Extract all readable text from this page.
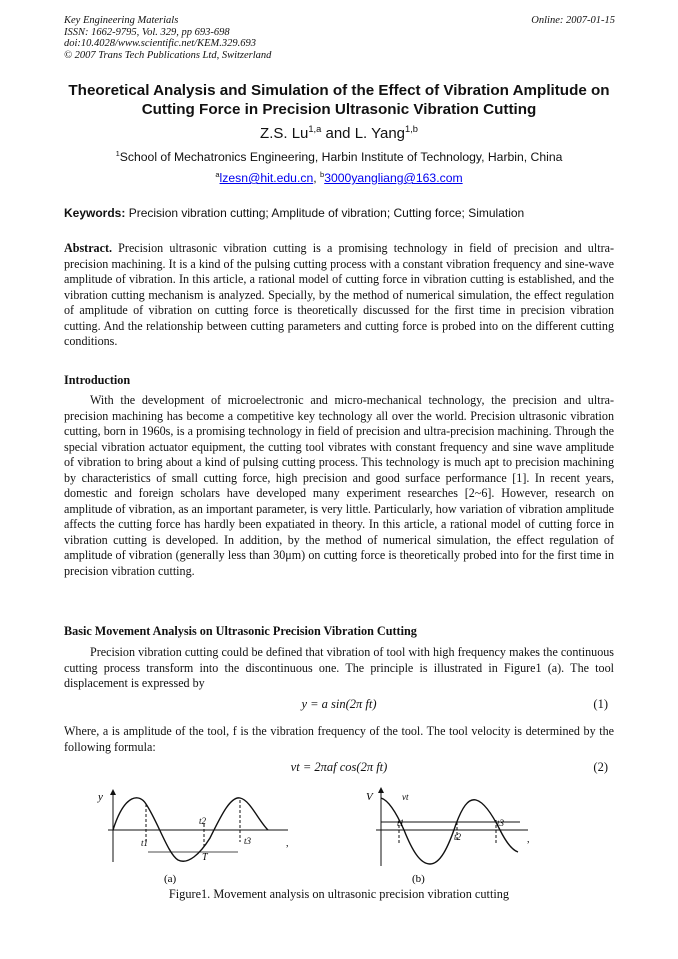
Key Engineering Materials
ISSN: 1662-9795, Vol. 329, pp 693-698
doi:10.4028/www.scientific.net/KEM.329.693
© 2007 Trans Tech Publications Ltd, Switzerland
Online: 2007-01-15
Theoretical Analysis and Simulation of the Effect of Vibration Amplitude on Cutting Force in Precision Ultrasonic Vibration Cutting
Z.S. Lu$^{1,a}$ and L. Yang$^{1,b}$
$^1$School of Mechatronics Engineering, Harbin Institute of Technology, Harbin, China
$^a$lzesn@hit.edu.cn, $^b$3000yangliang@163.com
Keywords: Precision vibration cutting; Amplitude of vibration; Cutting force; Simulation
Abstract. Precision ultrasonic vibration cutting is a promising technology in field of precision and ultra-precision machining. It is a kind of the pulsing cutting process with a constant vibration frequency and sine-wave amplitude of vibration. In this article, a rational model of cutting force in vibration cutting is established, and the vibration cutting mechanism is analyzed. Specially, by the method of numerical simulation, the effect regulation of amplitude of vibration on cutting force is theoretically discussed for the first time in precision vibration cutting. And the relationship between cutting parameters and cutting force is probed into on the different cutting conditions.
Introduction
With the development of microelectronic and micro-mechanical technology, the precision and ultra-precision machining has become a competitive key technology all over the world. Precision ultrasonic vibration cutting, born in 1960s, is a promising technology in field of precision and ultra-precision machining. Through the special vibration actuator equipment, the cutting tool vibrates with constant frequency and sine wave amplitude of vibration to bring about a kind of pulsing cutting process. This technology is much apt to precision machining by characteristics of small cutting force, high precision and good surface performance [1]. In recent years, domestic and foreign scholars have developed many experiment researches [2~6]. However, research on amplitude of vibration, as an important parameter, is very little. Particularly, how variation of vibration amplitude affects the cutting force has hardly been expatiated in theory. In this article, a rational model of cutting force in vibration cutting is developed. In addition, by the method of numerical simulation, the effect regulation of amplitude of vibration (generally less than 30μm) on cutting force is theoretically probed into for the first time in precision vibration cutting.
Basic Movement Analysis on Ultrasonic Precision Vibration Cutting
Precision vibration cutting could be defined that vibration of tool with high frequency makes the continuous cutting process transform into the discontinuous one. The principle is illustrated in Figure1 (a). The tool displacement is expressed by
y = a sin(2π ft)	(1)
Where, a is amplitude of the tool, f is the vibration frequency of the tool. The tool velocity is determined by the following formula:
vt = 2πaf cos(2π ft)	(2)
y
t1
t2
t3
T
,
(a)
V	vt
t1
t2
t3
,
(b)
Figure1. Movement analysis on ultrasonic precision vibration cutting
